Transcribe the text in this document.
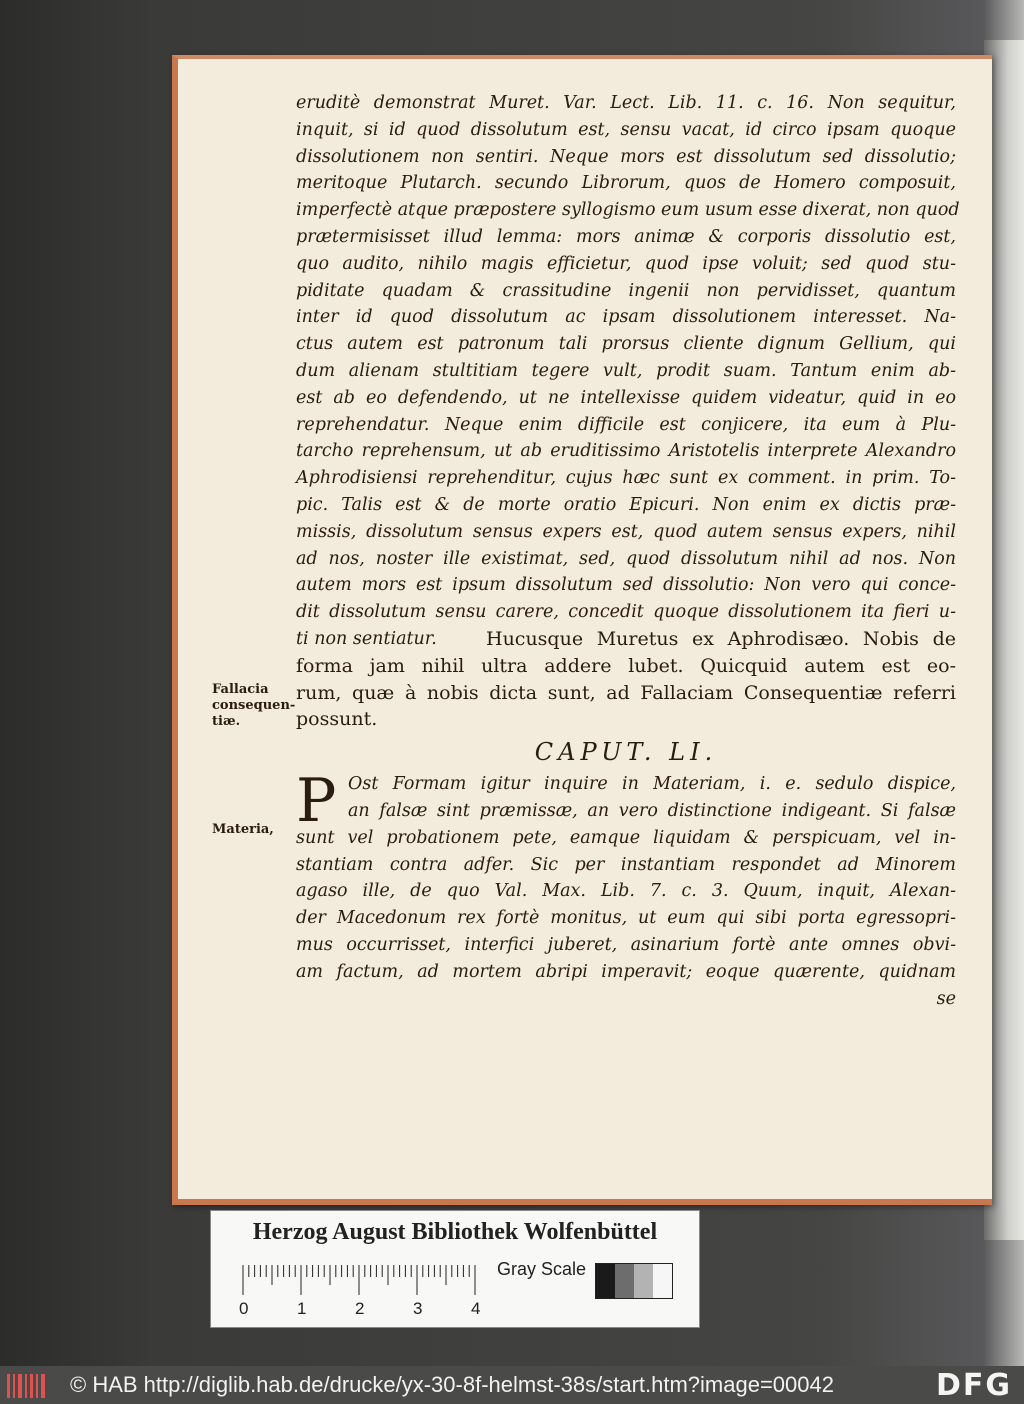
Fallacia
consequen-
tiæ.
Materia,

eruditè demonstrat Muret. Var. Lect. Lib. 11. c. 16. Non sequitur,

inquit, si id quod dissolutum est, sensu vacat, id circo ipsam quoque

dissolutionem non sentiri. Neque mors est dissolutum sed dissolutio;

meritoque Plutarch. secundo Librorum, quos de Homero composuit,

imperfectè atque præpostere syllogismo eum usum esse dixerat, non quod

prætermisisset illud lemma: mors animæ & corporis dissolutio est,

quo audito, nihilo magis efficietur, quod ipse voluit; sed quod stu-

piditate quadam & crassitudine ingenii non pervidisset, quantum

inter id quod dissolutum ac ipsam dissolutionem interesset. Na-

ctus autem est patronum tali prorsus cliente dignum Gellium, qui

dum alienam stultitiam tegere vult, prodit suam. Tantum enim ab-

est ab eo defendendo, ut ne intellexisse quidem videatur, quid in eo

reprehendatur. Neque enim difficile est conjicere, ita eum à Plu-

tarcho reprehensum, ut ab eruditissimo Aristotelis interprete Alexandro

Aphrodisiensi reprehenditur, cujus hæc sunt ex comment. in prim. To-

pic. Talis est & de morte oratio Epicuri. Non enim ex dictis præ-

missis, dissolutum sensus expers est, quod autem sensus expers, nihil

ad nos, noster ille existimat, sed, quod dissolutum nihil ad nos. Non

autem mors est ipsum dissolutum sed dissolutio: Non vero qui conce-

dit dissolutum sensu carere, concedit quoque dissolutionem ita fieri u-

ti non sentiatur.	Hucusque Muretus ex Aphrodisæo. Nobis de

forma jam nihil ultra addere lubet. Quicquid autem est eo-

rum, quæ à nobis dicta sunt, ad Fallaciam Consequentiæ referri

possunt.

CAPUT. LI.

P Ost Formam igitur inquire in Materiam, i. e. sedulo dispice,

an falsæ sint præmissæ, an vero distinctione indigeant. Si falsæ

sunt vel probationem pete, eamque liquidam & perspicuam, vel in-

stantiam contra adfer. Sic per instantiam respondet ad Minorem

agaso ille, de quo Val. Max. Lib. 7. c. 3. Quum, inquit, Alexan-

der Macedonum rex fortè monitus, ut eum qui sibi porta egressopri-

mus occurrisset, interfici juberet, asinarium fortè ante omnes obvi-

am factum, ad mortem abripi imperavit; eoque quærente, quidnam

se

Herzog August Bibliothek Wolfenbüttel
0	1	2	3	4
Gray Scale
© HAB http://diglib.hab.de/drucke/yx-30-8f-helmst-38s/start.htm?image=00042	DFG
